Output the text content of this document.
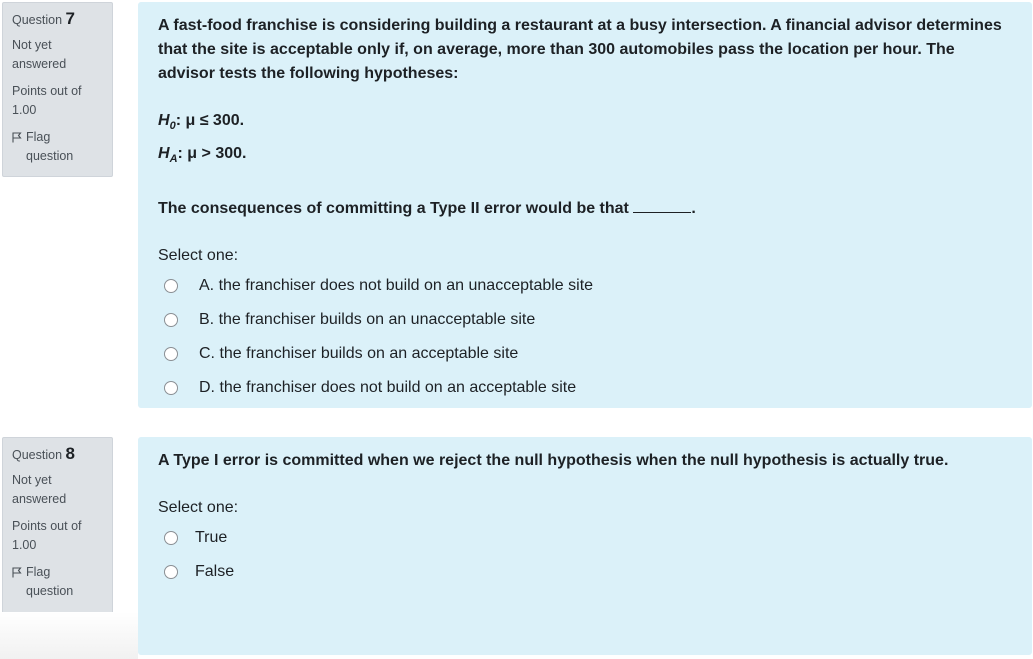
Question 7
Not yet answered
Points out of 1.00
Flag question

A fast-food franchise is considering building a restaurant at a busy intersection. A financial advisor determines that the site is acceptable only if, on average, more than 300 automobiles pass the location per hour. The advisor tests the following hypotheses:

$H_0$: μ ≤ 300.

$H_A$: μ > 300.

The consequences of committing a Type II error would be that	.

Select one:
A. the franchiser does not build on an unacceptable site
B. the franchiser builds on an unacceptable site
C. the franchiser builds on an acceptable site
D. the franchiser does not build on an acceptable site
Question 8
Not yet answered
Points out of 1.00
Flag question

A Type I error is committed when we reject the null hypothesis when the null hypothesis is actually true.

Select one:
True
False
